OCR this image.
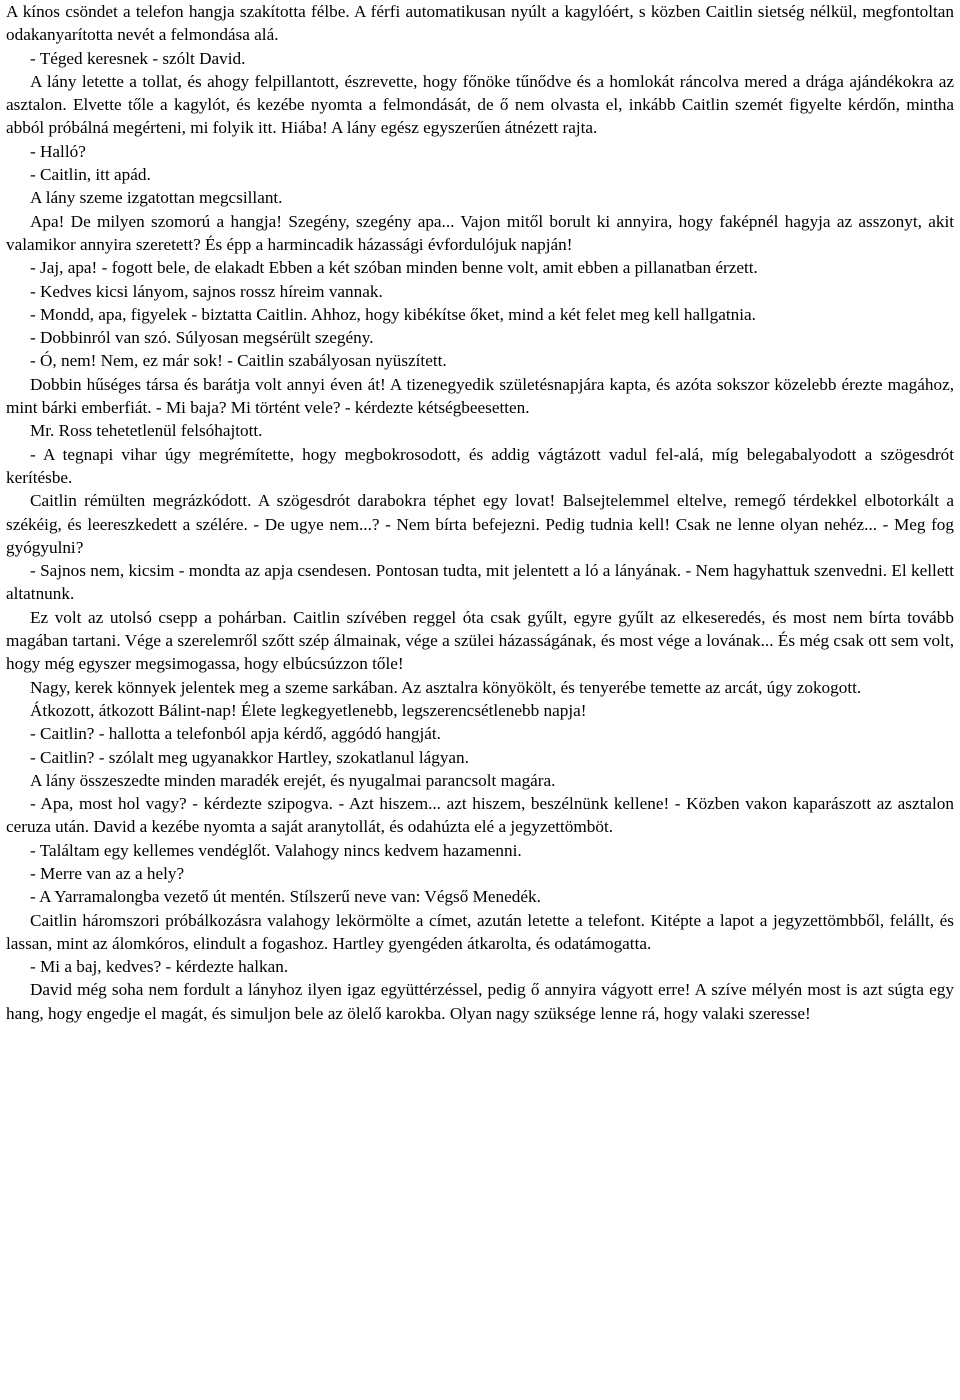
A kínos csöndet a telefon hangja szakította félbe. A férfi automatikusan nyúlt a kagylóért, s közben Caitlin sietség nélkül, megfontoltan odakanyarította nevét a felmondása alá.

- Téged keresnek - szólt David.

A lány letette a tollat, és ahogy felpillantott, észrevette, hogy főnöke tűnődve és a homlokát ráncolva mered a drága ajándékokra az asztalon. Elvette tőle a kagylót, és kezébe nyomta a felmondását, de ő nem olvasta el, inkább Caitlin szemét figyelte kérdőn, mintha abból próbálná megérteni, mi folyik itt. Hiába! A lány egész egyszerűen átnézett rajta.

- Halló?

- Caitlin, itt apád.

A lány szeme izgatottan megcsillant.

Apa! De milyen szomorú a hangja! Szegény, szegény apa... Vajon mitől borult ki annyira, hogy faképnél hagyja az asszonyt, akit valamikor annyira szeretett? És épp a harmincadik házassági évfordulójuk napján!

- Jaj, apa! - fogott bele, de elakadt Ebben a két szóban minden benne volt, amit ebben a pillanatban érzett.

- Kedves kicsi lányom, sajnos rossz híreim vannak.

- Mondd, apa, figyelek - biztatta Caitlin. Ahhoz, hogy kibékítse őket, mind a két felet meg kell hallgatnia.

- Dobbinról van szó. Súlyosan megsérült szegény.

- Ó, nem! Nem, ez már sok! - Caitlin szabályosan nyüszített.

Dobbin hűséges társa és barátja volt annyi éven át! A tizenegyedik születésnapjára kapta, és azóta sokszor közelebb érezte magához, mint bárki emberfiát. - Mi baja? Mi történt vele? - kérdezte kétségbeesetten.

Mr. Ross tehetetlenül felsóhajtott.

- A tegnapi vihar úgy megrémítette, hogy megbokrosodott, és addig vágtázott vadul fel-alá, míg belegabalyodott a szögesdrót kerítésbe.

Caitlin rémülten megrázkódott. A szögesdrót darabokra téphet egy lovat! Balsejtelemmel eltelve, remegő térdekkel elbotorkált a székéig, és leereszkedett a szélére. - De ugye nem...? - Nem bírta befejezni. Pedig tudnia kell! Csak ne lenne olyan nehéz... - Meg fog gyógyulni?

- Sajnos nem, kicsim - mondta az apja csendesen. Pontosan tudta, mit jelentett a ló a lányának. - Nem hagyhattuk szenvedni. El kellett altatnunk.

Ez volt az utolsó csepp a pohárban. Caitlin szívében reggel óta csak gyűlt, egyre gyűlt az elkeseredés, és most nem bírta tovább magában tartani. Vége a szerelemről szőtt szép álmainak, vége a szülei házasságának, és most vége a lovának... És még csak ott sem volt, hogy még egyszer megsimogassa, hogy elbúcsúzzon tőle!

Nagy, kerek könnyek jelentek meg a szeme sarkában. Az asztalra könyökölt, és tenyerébe temette az arcát, úgy zokogott.

Átkozott, átkozott Bálint-nap! Élete legkegyetlenebb, legszerencsétlenebb napja!

- Caitlin? - hallotta a telefonból apja kérdő, aggódó hangját.

- Caitlin? - szólalt meg ugyanakkor Hartley, szokatlanul lágyan.

A lány összeszedte minden maradék erejét, és nyugalmai parancsolt magára.

- Apa, most hol vagy? - kérdezte szipogva. - Azt hiszem... azt hiszem, beszélnünk kellene! - Közben vakon kaparászott az asztalon ceruza után. David a kezébe nyomta a saját aranytollát, és odahúzta elé a jegyzettömböt.

- Találtam egy kellemes vendéglőt. Valahogy nincs kedvem hazamenni.

- Merre van az a hely?

- A Yarramalongba vezető út mentén. Stílszerű neve van: Végső Menedék.

Caitlin háromszori próbálkozásra valahogy lekörmölte a címet, azután letette a telefont. Kitépte a lapot a jegyzettömbből, felállt, és lassan, mint az álomkóros, elindult a fogashoz. Hartley gyengéden átkarolta, és odatámogatta.

- Mi a baj, kedves? - kérdezte halkan.

David még soha nem fordult a lányhoz ilyen igaz együttérzéssel, pedig ő annyira vágyott erre! A szíve mélyén most is azt súgta egy hang, hogy engedje el magát, és simuljon bele az ölelő karokba. Olyan nagy szüksége lenne rá, hogy valaki szeresse!
